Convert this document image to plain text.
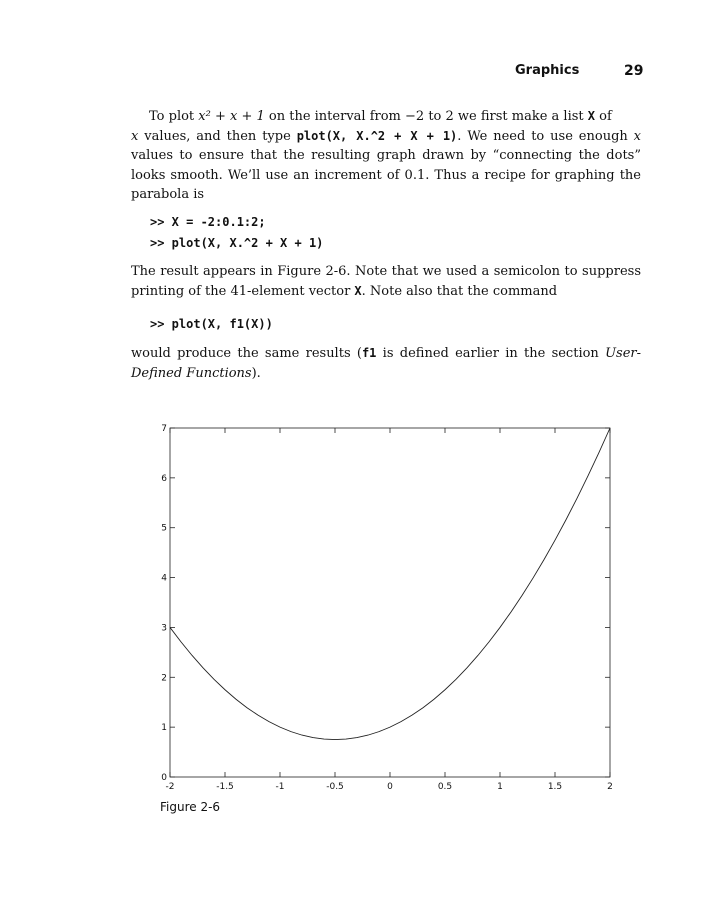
Graphics	29
To plot x² + x + 1 on the interval from −2 to 2 we first make a list X of
x values, and then type plot(X, X.^2 + X + 1). We need to use enough x values to ensure that the resulting graph drawn by “connecting the dots” looks smooth. We’ll use an increment of 0.1. Thus a recipe for graphing the parabola is
>> X = -2:0.1:2;
>> plot(X, X.^2 + X + 1)
The result appears in Figure 2-6. Note that we used a semicolon to suppress printing of the 41-element vector X. Note also that the command
>> plot(X, f1(X))
would produce the same results (f1 is defined earlier in the section User-Defined Functions).
-2	-1.5	-1	-0.5	0	0.5	1	1.5	2
0
1
2
3
4
5
6
7
Figure 2-6
